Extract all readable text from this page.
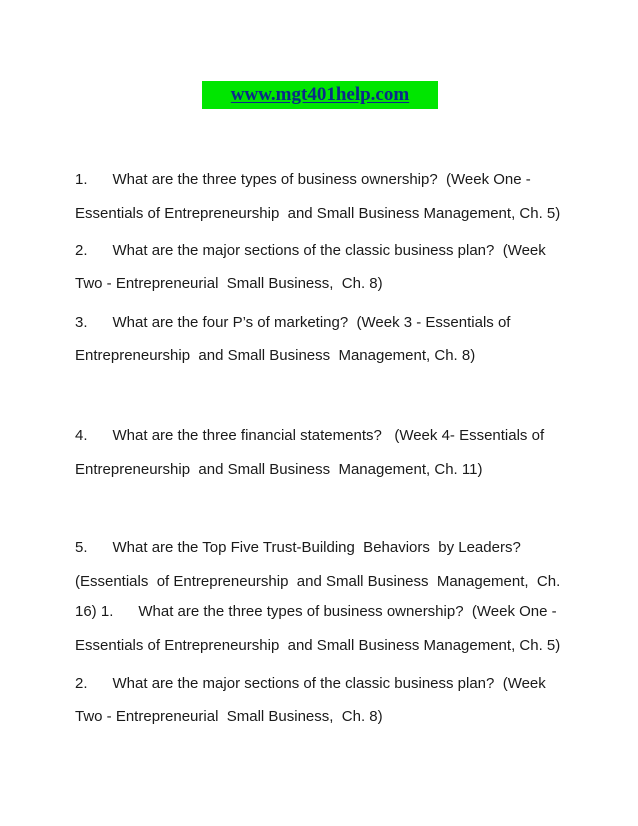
www.mgt401help.com
1.      What are the three types of business ownership?  (Week One -
Essentials of Entrepreneurship  and Small Business Management, Ch. 5)
2.      What are the major sections of the classic business plan?  (Week
Two - Entrepreneurial  Small Business,  Ch. 8)
3.      What are the four P’s of marketing?  (Week 3 - Essentials of
Entrepreneurship  and Small Business  Management, Ch. 8)
4.      What are the three financial statements?   (Week 4- Essentials of
Entrepreneurship  and Small Business  Management, Ch. 11)
5.      What are the Top Five Trust-Building  Behaviors  by Leaders?
(Essentials  of Entrepreneurship  and Small Business  Management,  Ch.
16) 1.      What are the three types of business ownership?  (Week One -
Essentials of Entrepreneurship  and Small Business Management, Ch. 5)
2.      What are the major sections of the classic business plan?  (Week
Two - Entrepreneurial  Small Business,  Ch. 8)
